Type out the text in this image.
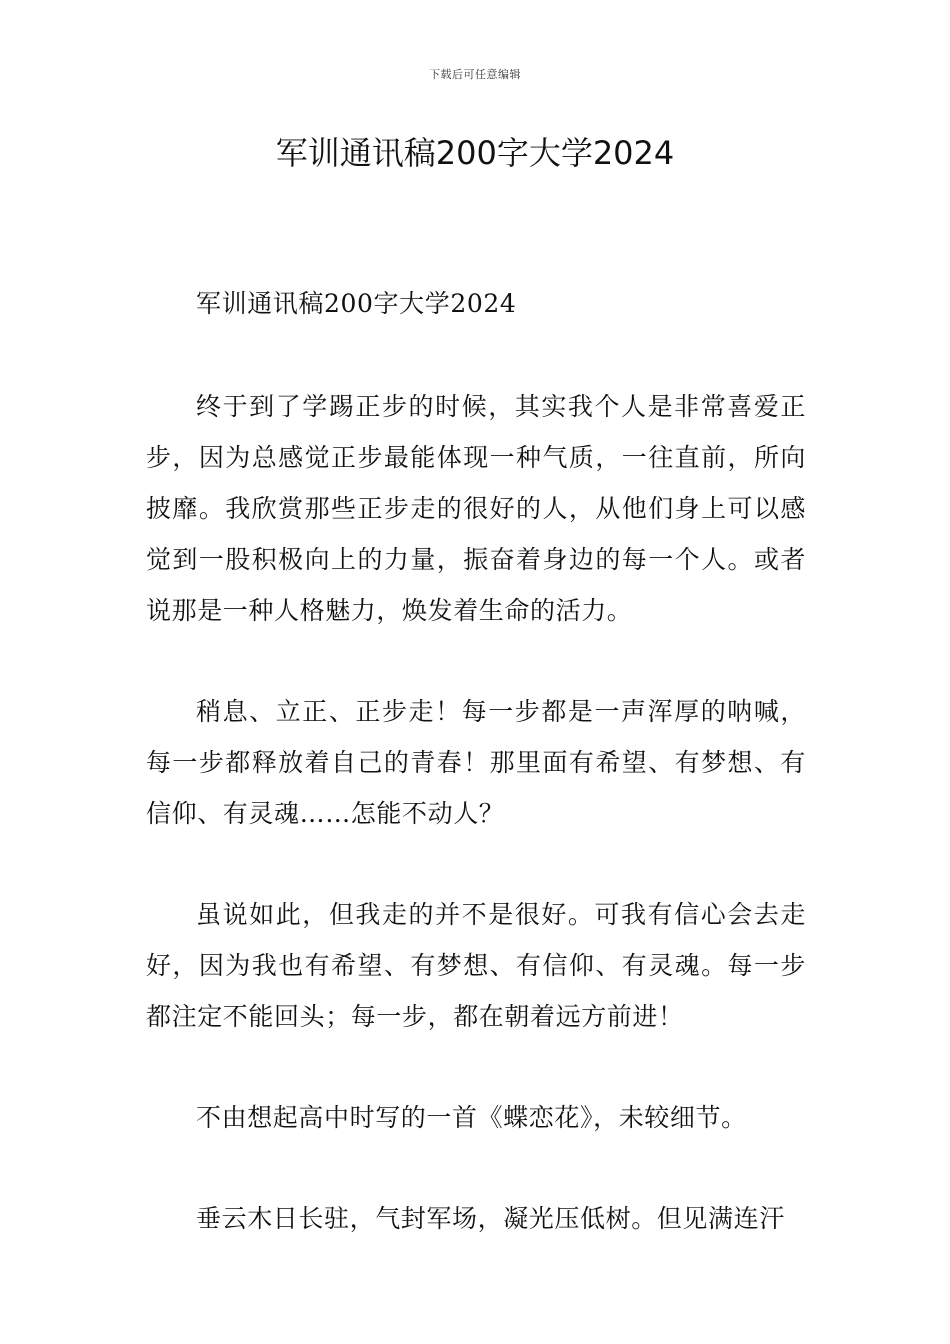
下载后可任意编辑
军训通讯稿200字大学2024

军训通讯稿200字大学2024

终于到了学踢正步的时候，其实我个人是非常喜爱正步，因为总感觉正步最能体现一种气质，一往直前，所向披靡。我欣赏那些正步走的很好的人，从他们身上可以感觉到一股积极向上的力量，振奋着身边的每一个人。或者说那是一种人格魅力，焕发着生命的活力。

稍息、立正、正步走！每一步都是一声浑厚的呐喊，每一步都释放着自己的青春！那里面有希望、有梦想、有信仰、有灵魂……怎能不动人？

虽说如此，但我走的并不是很好。可我有信心会去走好，因为我也有希望、有梦想、有信仰、有灵魂。每一步都注定不能回头；每一步，都在朝着远方前进！

不由想起高中时写的一首《蝶恋花》，未较细节。

垂云木日长驻，气封军场，凝光压低树。但见满连汗
